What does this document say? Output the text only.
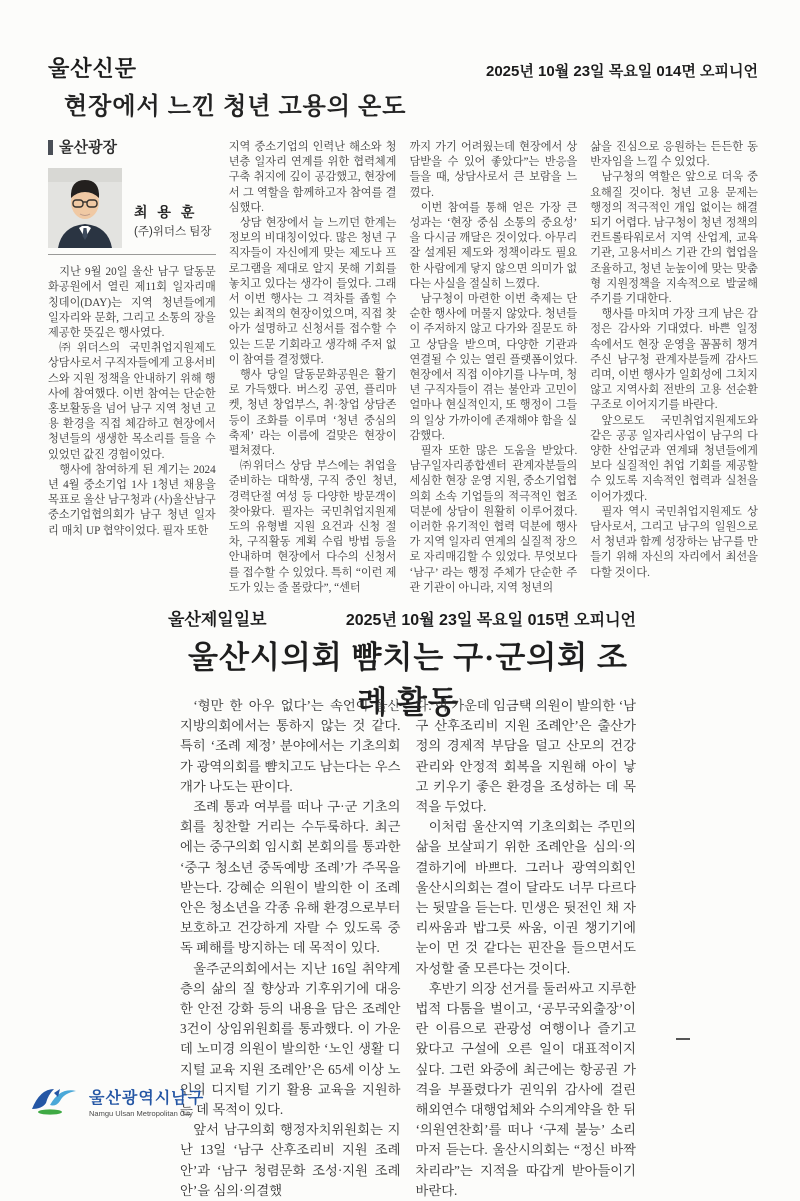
울산신문	2025년 10월 23일 목요일 014면 오피니언
현장에서 느낀 청년 고용의 온도
울산광장
최 용 훈
(주)위더스 팀장

지난 9월 20일 울산 남구 달동문화공원에서 열린 제11회 일자리매칭데이(DAY)는 지역 청년들에게 일자리와 문화, 그리고 소통의 장을 제공한 뜻깊은 행사였다.

㈜위더스의 국민취업지원제도 상담사로서 구직자들에게 고용서비스와 지원 정책을 안내하기 위해 행사에 참여했다. 이번 참여는 단순한 홍보활동을 넘어 남구 지역 청년 고용 환경을 직접 체감하고 현장에서 청년들의 생생한 목소리를 들을 수 있었던 값진 경험이었다.

행사에 참여하게 된 계기는 2024년 4월 중소기업 1사 1청년 채용을 목표로 울산 남구청과 (사)울산남구중소기업협의회가 남구 청년 일자리 매치 UP 협약이었다. 필자 또한

지역 중소기업의 인력난 해소와 청년층 일자리 연계를 위한 협력체계 구축 취지에 깊이 공감했고, 현장에서 그 역할을 함께하고자 참여를 결심했다.

상담 현장에서 늘 느끼던 한계는 정보의 비대칭이었다. 많은 청년 구직자들이 자신에게 맞는 제도나 프로그램을 제대로 알지 못해 기회를 놓치고 있다는 생각이 들었다. 그래서 이번 행사는 그 격차를 좁힐 수 있는 최적의 현장이었으며, 직접 찾아가 설명하고 신청서를 접수할 수 있는 드문 기회라고 생각해 주저 없이 참여를 결정했다.

행사 당일 달동문화공원은 활기로 가득했다. 버스킹 공연, 플리마켓, 청년 창업부스, 취·창업 상담존 등이 조화를 이루며 ‘청년 중심의 축제’ 라는 이름에 걸맞은 현장이 펼쳐졌다.

㈜위더스 상담 부스에는 취업을 준비하는 대학생, 구직 중인 청년, 경력단절 여성 등 다양한 방문객이 찾아왔다. 필자는 국민취업지원제도의 유형별 지원 요건과 신청 절차, 구직활동 계획 수립 방법 등을 안내하며 현장에서 다수의 신청서를 접수할 수 있었다. 특히 “이런 제도가 있는 줄 몰랐다”, “센터

까지 가기 어려웠는데 현장에서 상담받을 수 있어 좋았다”는 반응을 들을 때, 상담사로서 큰 보람을 느꼈다.

이번 참여를 통해 얻은 가장 큰 성과는 ‘현장 중심 소통의 중요성’ 을 다시금 깨달은 것이었다. 아무리 잘 설계된 제도와 정책이라도 필요한 사람에게 닿지 않으면 의미가 없다는 사실을 절실히 느꼈다.

남구청이 마련한 이번 축제는 단순한 행사에 머물지 않았다. 청년들이 주저하지 않고 다가와 질문도 하고 상담을 받으며, 다양한 기관과 연결될 수 있는 열린 플랫폼이었다. 현장에서 직접 이야기를 나누며, 청년 구직자들이 겪는 불안과 고민이 얼마나 현실적인지, 또 행정이 그들의 일상 가까이에 존재해야 함을 실감했다.

필자 또한 많은 도움을 받았다. 남구일자리종합센터 관계자분들의 세심한 현장 운영 지원, 중소기업협의회 소속 기업들의 적극적인 협조 덕분에 상담이 원활히 이루어졌다. 이러한 유기적인 협력 덕분에 행사가 지역 일자리 연계의 실질적 장으로 자리매김할 수 있었다. 무엇보다 ‘남구’ 라는 행정 주체가 단순한 주관 기관이 아니라, 지역 청년의

삶을 진심으로 응원하는 든든한 동반자임을 느낄 수 있었다.

남구청의 역할은 앞으로 더욱 중요해질 것이다. 청년 고용 문제는 행정의 적극적인 개입 없이는 해결되기 어렵다. 남구청이 청년 정책의 컨트롤타워로서 지역 산업계, 교육기관, 고용서비스 기관 간의 협업을 조율하고, 청년 눈높이에 맞는 맞춤형 지원정책을 지속적으로 발굴해 주기를 기대한다.

행사를 마치며 가장 크게 남은 감정은 감사와 기대였다. 바쁜 일정 속에서도 현장 운영을 꼼꼼히 챙겨주신 남구청 관계자분들께 감사드리며, 이번 행사가 일회성에 그치지 않고 지역사회 전반의 고용 선순환 구조로 이어지기를 바란다.

앞으로도 국민취업지원제도와 같은 공공 일자리사업이 남구의 다양한 산업군과 연계돼 청년들에게 보다 실질적인 취업 기회를 제공할 수 있도록 지속적인 협력과 실천을 이어가겠다.

필자 역시 국민취업지원제도 상담사로서, 그리고 남구의 일원으로서 청년과 함께 성장하는 남구를 만들기 위해 자신의 자리에서 최선을 다할 것이다.

울산제일일보	2025년 10월 23일 목요일 015면 오피니언
울산시의회 뺨치는 구·군의회 조례 활동

‘형만 한 아우 없다’는 속언이 울산 지방의회에서는 통하지 않는 것 같다. 특히 ‘조례 제정’ 분야에서는 기초의회가 광역의회를 뺨치고도 남는다는 우스개가 나도는 판이다.

조례 통과 여부를 떠나 구·군 기초의회를 칭찬할 거리는 수두룩하다. 최근에는 중구의회 임시회 본회의를 통과한 ‘중구 청소년 중독예방 조례’가 주목을 받는다. 강혜순 의원이 발의한 이 조례안은 청소년을 각종 유해 환경으로부터 보호하고 건강하게 자랄 수 있도록 중독 폐해를 방지하는 데 목적이 있다.

울주군의회에서는 지난 16일 취약계층의 삶의 질 향상과 기후위기에 대응한 안전 강화 등의 내용을 담은 조례안 3건이 상임위원회를 통과했다. 이 가운데 노미경 의원이 발의한 ‘노인 생활 디지털 교육 지원 조례안’은 65세 이상 노인의 디지털 기기 활용 교육을 지원하는 데 목적이 있다.

앞서 남구의회 행정자치위원회는 지난 13일 ‘남구 산후조리비 지원 조례안’과 ‘남구 청렴문화 조성·지원 조례안’을 심의·의결했

다. 이 가운데 임금택 의원이 발의한 ‘남구 산후조리비 지원 조례안’은 출산가정의 경제적 부담을 덜고 산모의 건강관리와 안정적 회복을 지원해 아이 낳고 키우기 좋은 환경을 조성하는 데 목적을 두었다.

이처럼 울산지역 기초의회는 주민의 삶을 보살피기 위한 조례안을 심의·의결하기에 바쁘다. 그러나 광역의회인 울산시의회는 결이 달라도 너무 다르다는 뒷말을 듣는다. 민생은 뒷전인 채 자리싸움과 밥그릇 싸움, 이권 챙기기에 눈이 먼 것 같다는 핀잔을 들으면서도 자성할 줄 모른다는 것이다.

후반기 의장 선거를 둘러싸고 지루한 법적 다툼을 벌이고, ‘공무국외출장’이란 이름으로 관광성 여행이나 즐기고 왔다고 구설에 오른 일이 대표적이지 싶다. 그런 와중에 최근에는 항공권 가격을 부풀렸다가 권익위 감사에 걸린 해외연수 대행업체와 수의계약을 한 뒤 ‘의원연찬회’를 떠나 ‘구제 불능’ 소리마저 듣는다. 울산시의회는 “정신 바짝 차리라”는 지적을 따갑게 받아들이기 바란다.

울산광역시남구
Namgu Ulsan Metropolitan City
